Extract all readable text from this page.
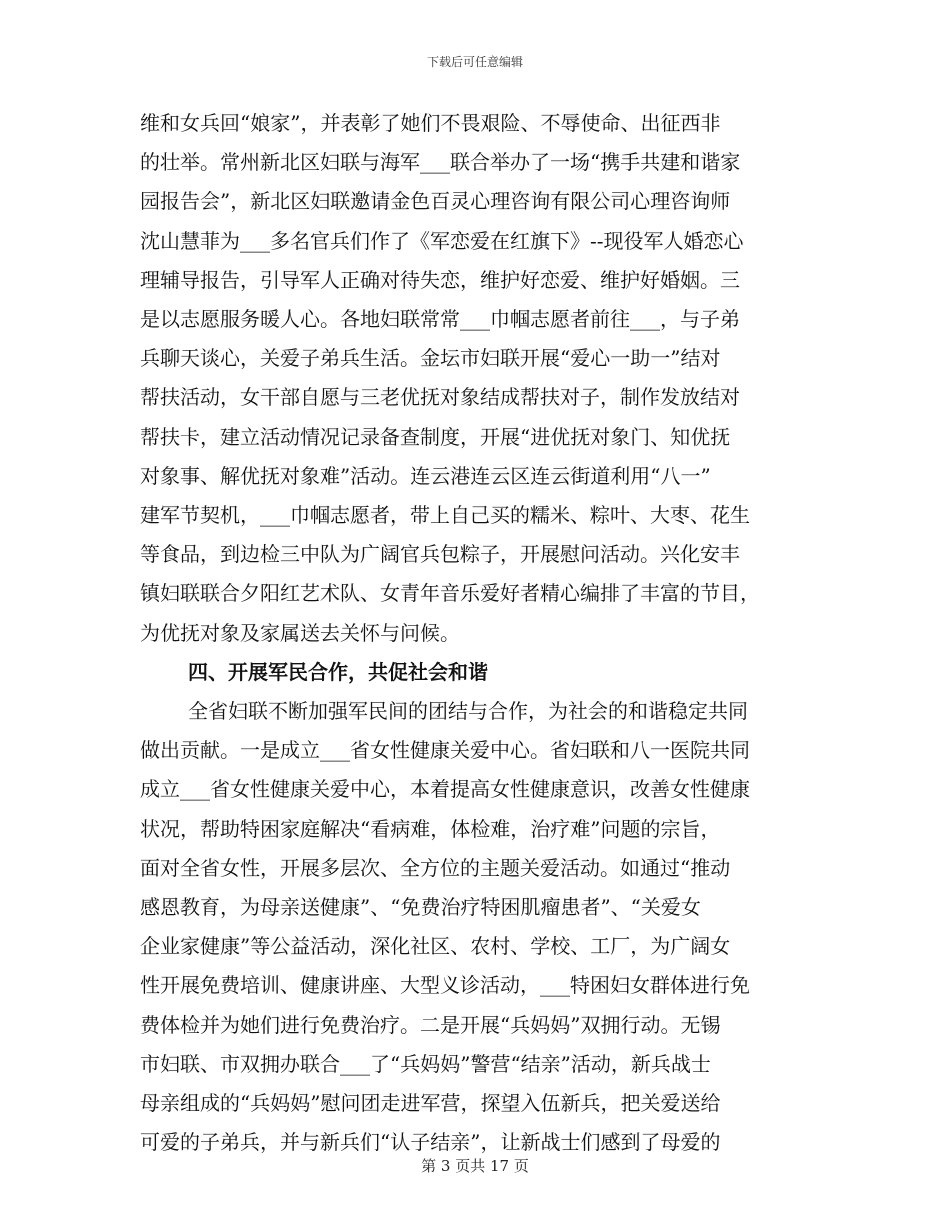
下载后可任意编辑

维和女兵回“娘家”，并表彰了她们不畏艰险、不辱使命、出征西非

的壮举。常州新北区妇联与海军___联合举办了一场“携手共建和谐家

园报告会”，新北区妇联邀请金色百灵心理咨询有限公司心理咨询师

沈山慧菲为___多名官兵们作了《军恋爱在红旗下》--现役军人婚恋心

理辅导报告，引导军人正确对待失恋，维护好恋爱、维护好婚姻。三

是以志愿服务暖人心。各地妇联常常___巾帼志愿者前往___，与子弟

兵聊天谈心，关爱子弟兵生活。金坛市妇联开展“爱心一助一”结对

帮扶活动，女干部自愿与三老优抚对象结成帮扶对子，制作发放结对

帮扶卡，建立活动情况记录备查制度，开展“进优抚对象门、知优抚

对象事、解优抚对象难”活动。连云港连云区连云街道利用“八一”

建军节契机，___巾帼志愿者，带上自己买的糯米、粽叶、大枣、花生

等食品，到边检三中队为广阔官兵包粽子，开展慰问活动。兴化安丰

镇妇联联合夕阳红艺术队、女青年音乐爱好者精心编排了丰富的节目，

为优抚对象及家属送去关怀与问候。

四、开展军民合作，共促社会和谐

全省妇联不断加强军民间的团结与合作，为社会的和谐稳定共同

做出贡献。一是成立___省女性健康关爱中心。省妇联和八一医院共同

成立___省女性健康关爱中心，本着提高女性健康意识，改善女性健康

状况，帮助特困家庭解决“看病难，体检难，治疗难”问题的宗旨，

面对全省女性，开展多层次、全方位的主题关爱活动。如通过“推动

感恩教育，为母亲送健康”、“免费治疗特困肌瘤患者”、“关爱女

企业家健康”等公益活动，深化社区、农村、学校、工厂，为广阔女

性开展免费培训、健康讲座、大型义诊活动，___特困妇女群体进行免

费体检并为她们进行免费治疗。二是开展“兵妈妈”双拥行动。无锡

市妇联、市双拥办联合___了“兵妈妈”警营“结亲”活动，新兵战士

母亲组成的“兵妈妈”慰问团走进军营，探望入伍新兵，把关爱送给

可爱的子弟兵，并与新兵们“认子结亲”，让新战士们感到了母爱的

第 3 页共 17 页
